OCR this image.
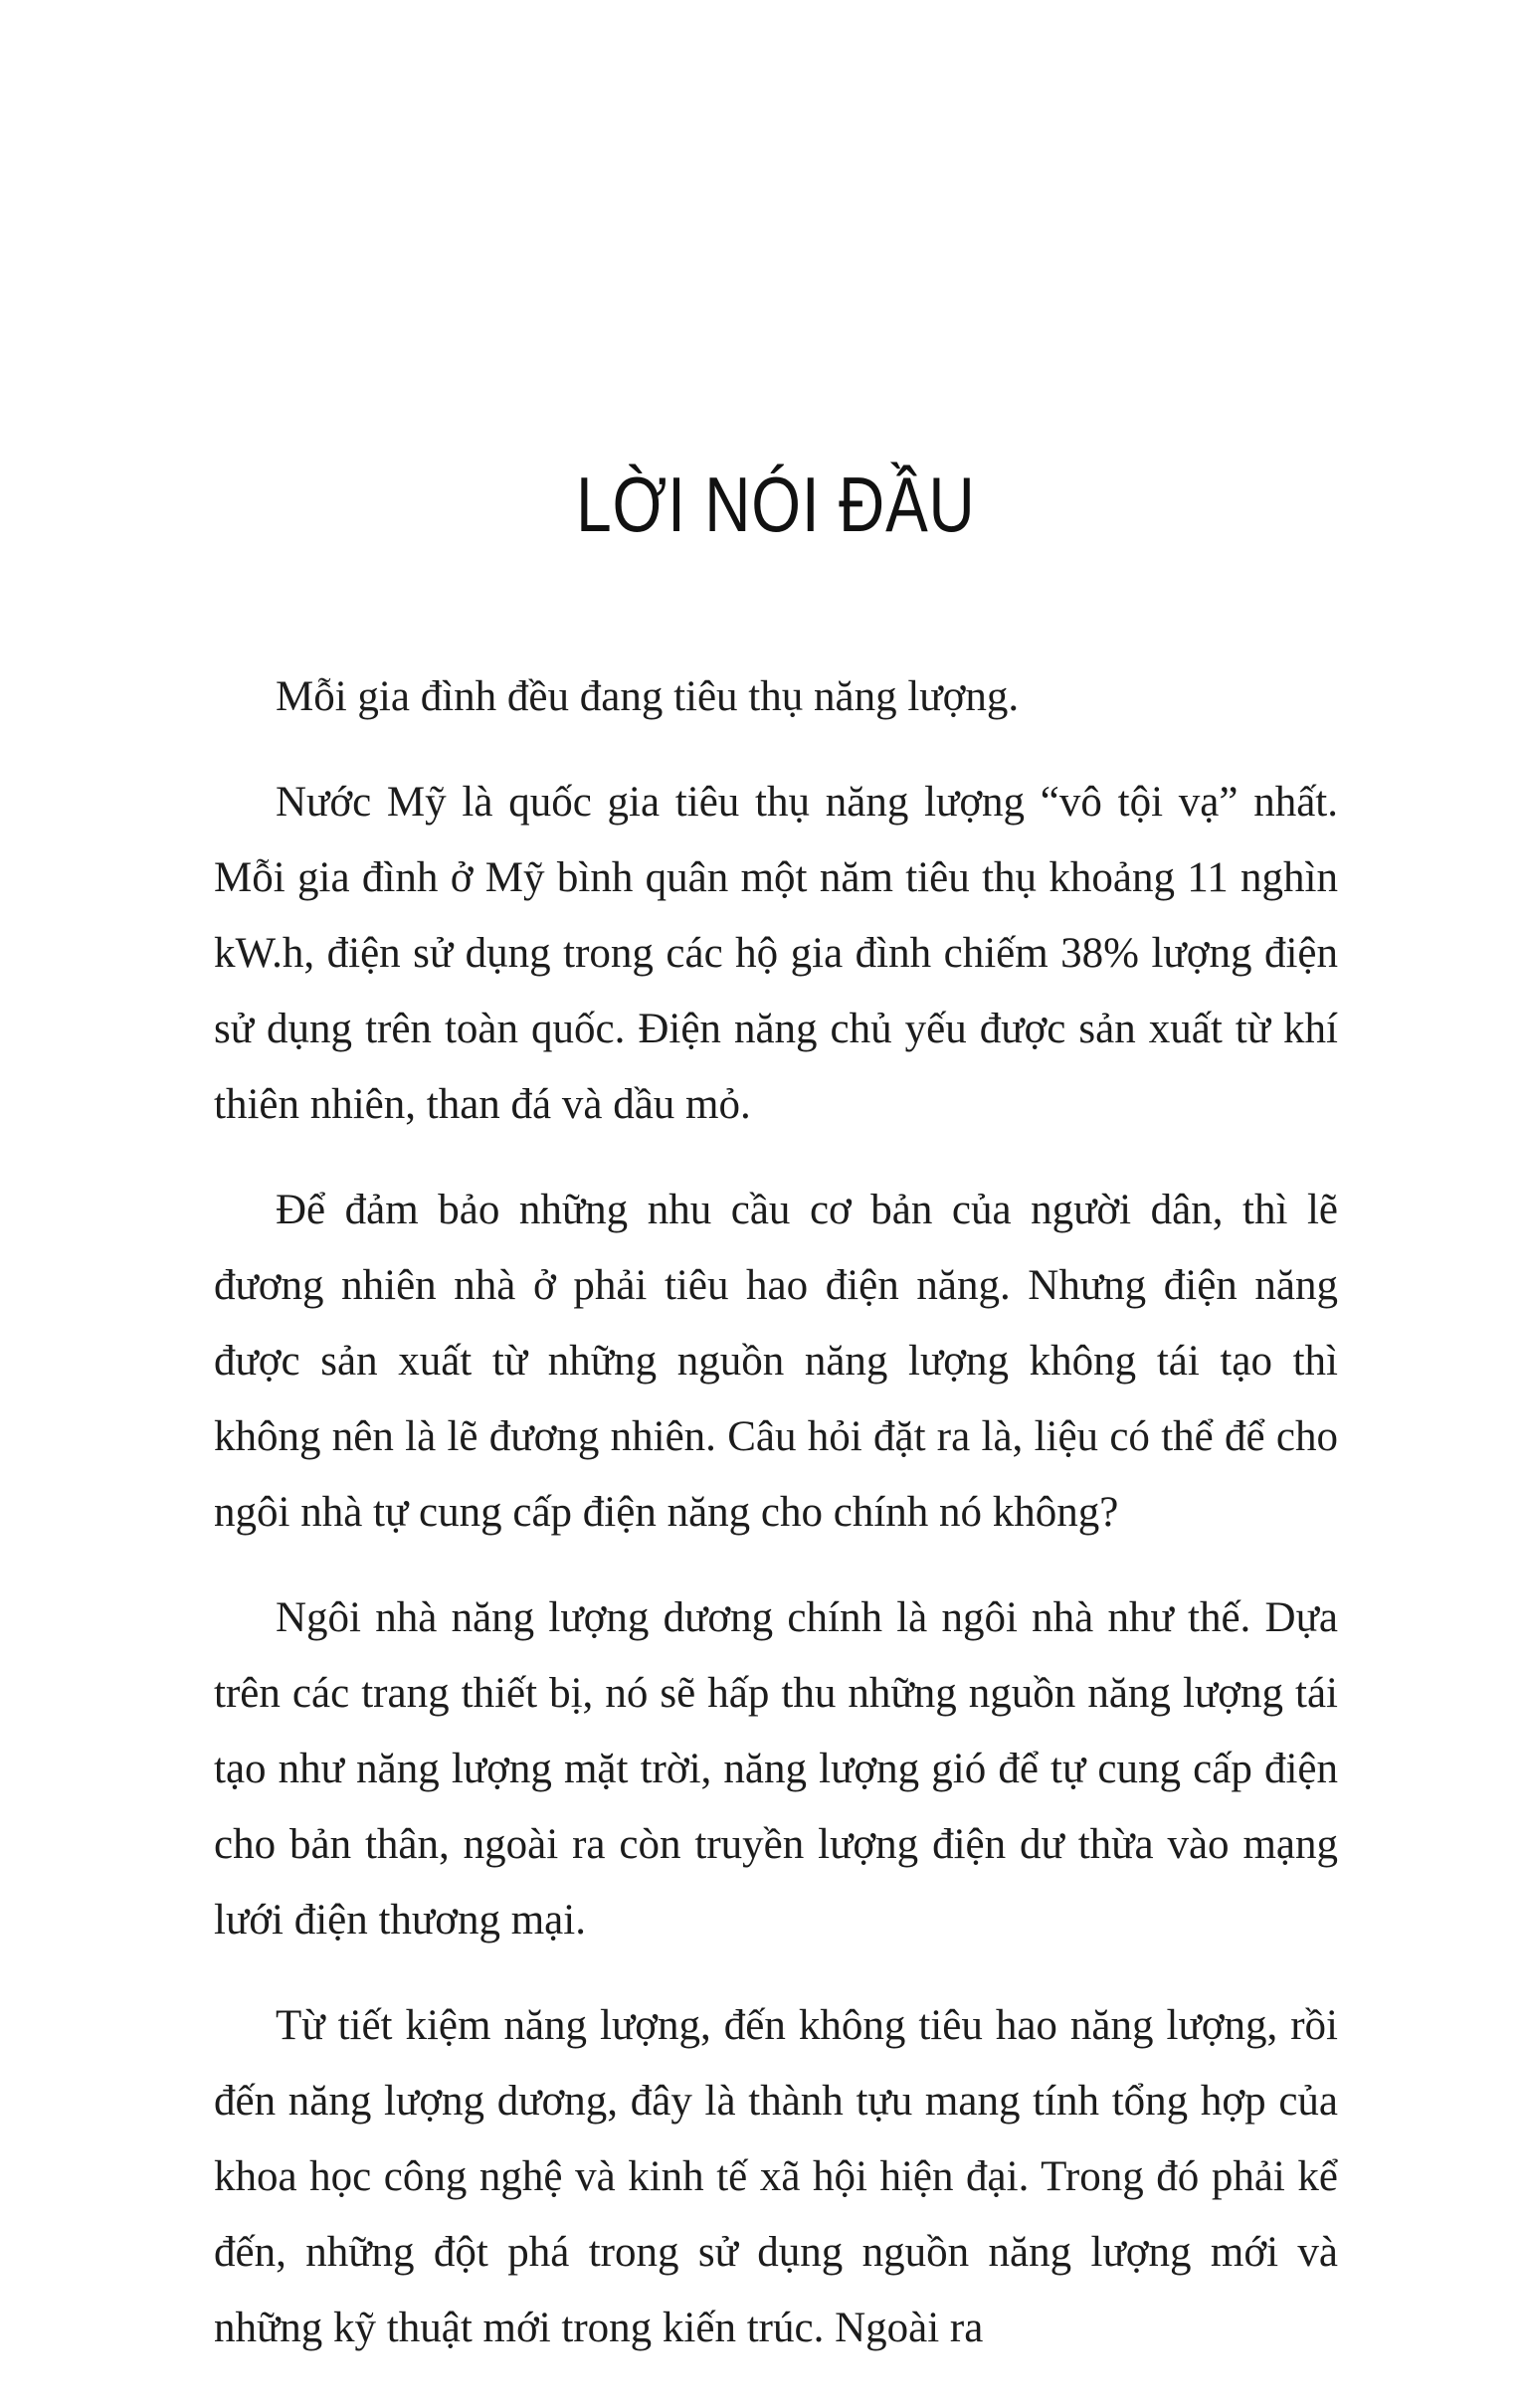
LỜI NÓI ĐẦU

Mỗi gia đình đều đang tiêu thụ năng lượng.

Nước Mỹ là quốc gia tiêu thụ năng lượng “vô tội vạ” nhất. Mỗi gia đình ở Mỹ bình quân một năm tiêu thụ khoảng 11 nghìn kW.h, điện sử dụng trong các hộ gia đình chiếm 38% lượng điện sử dụng trên toàn quốc. Điện năng chủ yếu được sản xuất từ khí thiên nhiên, than đá và dầu mỏ.

Để đảm bảo những nhu cầu cơ bản của người dân, thì lẽ đương nhiên nhà ở phải tiêu hao điện năng. Nhưng điện năng được sản xuất từ những nguồn năng lượng không tái tạo thì không nên là lẽ đương nhiên. Câu hỏi đặt ra là, liệu có thể để cho ngôi nhà tự cung cấp điện năng cho chính nó không?

Ngôi nhà năng lượng dương chính là ngôi nhà như thế. Dựa trên các trang thiết bị, nó sẽ hấp thu những nguồn năng lượng tái tạo như năng lượng mặt trời, năng lượng gió để tự cung cấp điện cho bản thân, ngoài ra còn truyền lượng điện dư thừa vào mạng lưới điện thương mại.

Từ tiết kiệm năng lượng, đến không tiêu hao năng lượng, rồi đến năng lượng dương, đây là thành tựu mang tính tổng hợp của khoa học công nghệ và kinh tế xã hội hiện đại. Trong đó phải kể đến, những đột phá trong sử dụng nguồn năng lượng mới và những kỹ thuật mới trong kiến trúc. Ngoài ra
